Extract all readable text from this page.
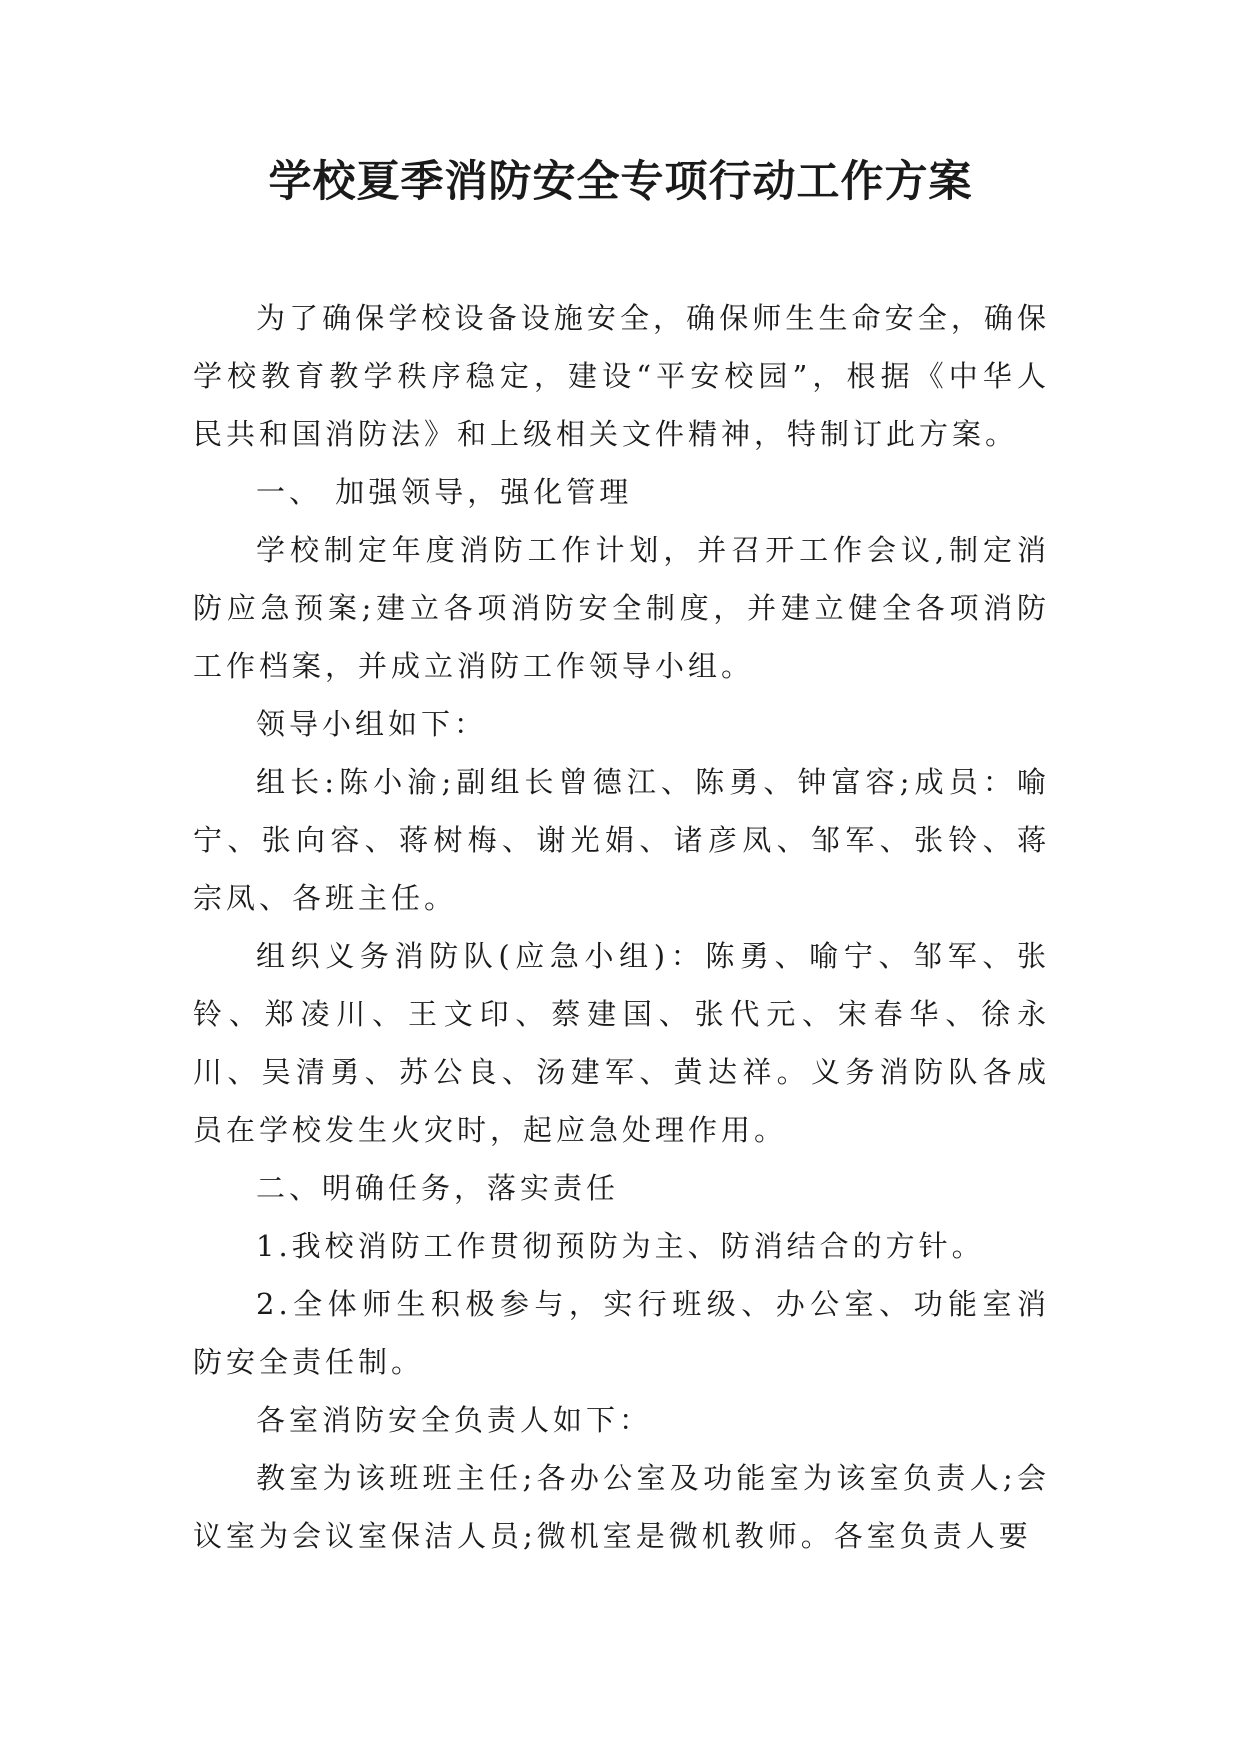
学校夏季消防安全专项行动工作方案

为了确保学校设备设施安全，确保师生生命安全，确保学校教育教学秩序稳定，建设“平安校园”，根据《中华人民共和国消防法》和上级相关文件精神，特制订此方案。

一、 加强领导，强化管理

学校制定年度消防工作计划，并召开工作会议,制定消防应急预案;建立各项消防安全制度，并建立健全各项消防工作档案，并成立消防工作领导小组。

领导小组如下：

组长:陈小渝;副组长曾德江、陈勇、钟富容;成员：喻宁、张向容、蒋树梅、谢光娟、诸彦凤、邹军、张铃、蒋宗凤、各班主任。

组织义务消防队(应急小组)：陈勇、喻宁、邹军、张铃、郑凌川、王文印、蔡建国、张代元、宋春华、徐永川、吴清勇、苏公良、汤建军、黄达祥。义务消防队各成员在学校发生火灾时，起应急处理作用。

二、明确任务，落实责任

1.我校消防工作贯彻预防为主、防消结合的方针。

2.全体师生积极参与，实行班级、办公室、功能室消防安全责任制。

各室消防安全负责人如下：

教室为该班班主任;各办公室及功能室为该室负责人;会议室为会议室保洁人员;微机室是微机教师。各室负责人要
